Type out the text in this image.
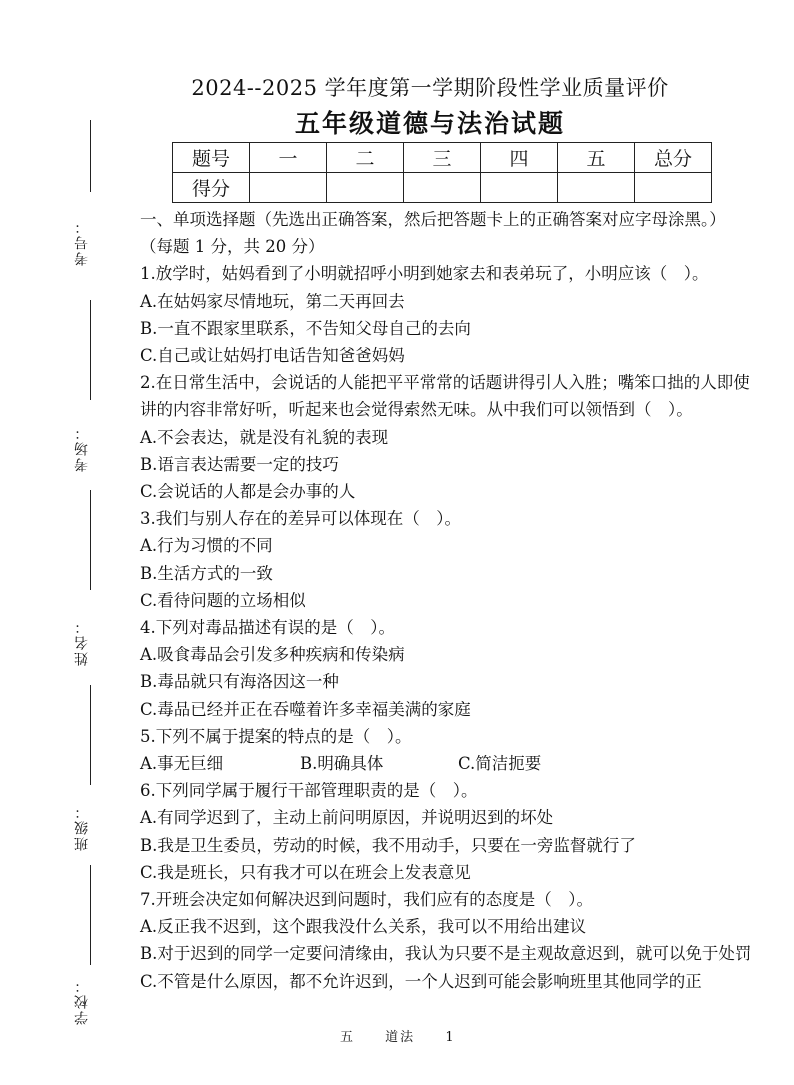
考号：
考场：
姓名：
班级：
学校：
2024--2025 学年度第一学期阶段性学业质量评价
五年级道德与法治试题
题号	一	二	三	四	五	总分
得分						

一、单项选择题（先选出正确答案，然后把答题卡上的正确答案对应字母涂黑。）

（每题 1 分，共 20 分）

1.放学时，姑妈看到了小明就招呼小明到她家去和表弟玩了，小明应该（　）。

A.在姑妈家尽情地玩，第二天再回去

B.一直不跟家里联系，不告知父母自己的去向

C.自己或让姑妈打电话告知爸爸妈妈

2.在日常生活中，会说话的人能把平平常常的话题讲得引人入胜；嘴笨口拙的人即使讲的内容非常好听，听起来也会觉得索然无味。从中我们可以领悟到（　）。

A.不会表达，就是没有礼貌的表现

B.语言表达需要一定的技巧

C.会说话的人都是会办事的人

3.我们与别人存在的差异可以体现在（　）。

A.行为习惯的不同

B.生活方式的一致

C.看待问题的立场相似

4.下列对毒品描述有误的是（　）。

A.吸食毒品会引发多种疾病和传染病

B.毒品就只有海洛因这一种

C.毒品已经并正在吞噬着许多幸福美满的家庭

5.下列不属于提案的特点的是（　）。

A.事无巨细	B.明确具体	C.简洁扼要

6.下列同学属于履行干部管理职责的是（　）。

A.有同学迟到了，主动上前问明原因，并说明迟到的坏处

B.我是卫生委员，劳动的时候，我不用动手，只要在一旁监督就行了

C.我是班长，只有我才可以在班会上发表意见

7.开班会决定如何解决迟到问题时，我们应有的态度是（　）。

A.反正我不迟到，这个跟我没什么关系，我可以不用给出建议

B.对于迟到的同学一定要问清缘由，我认为只要不是主观故意迟到，就可以免于处罚

C.不管是什么原因，都不允许迟到，一个人迟到可能会影响班里其他同学的正

五 道法 1
